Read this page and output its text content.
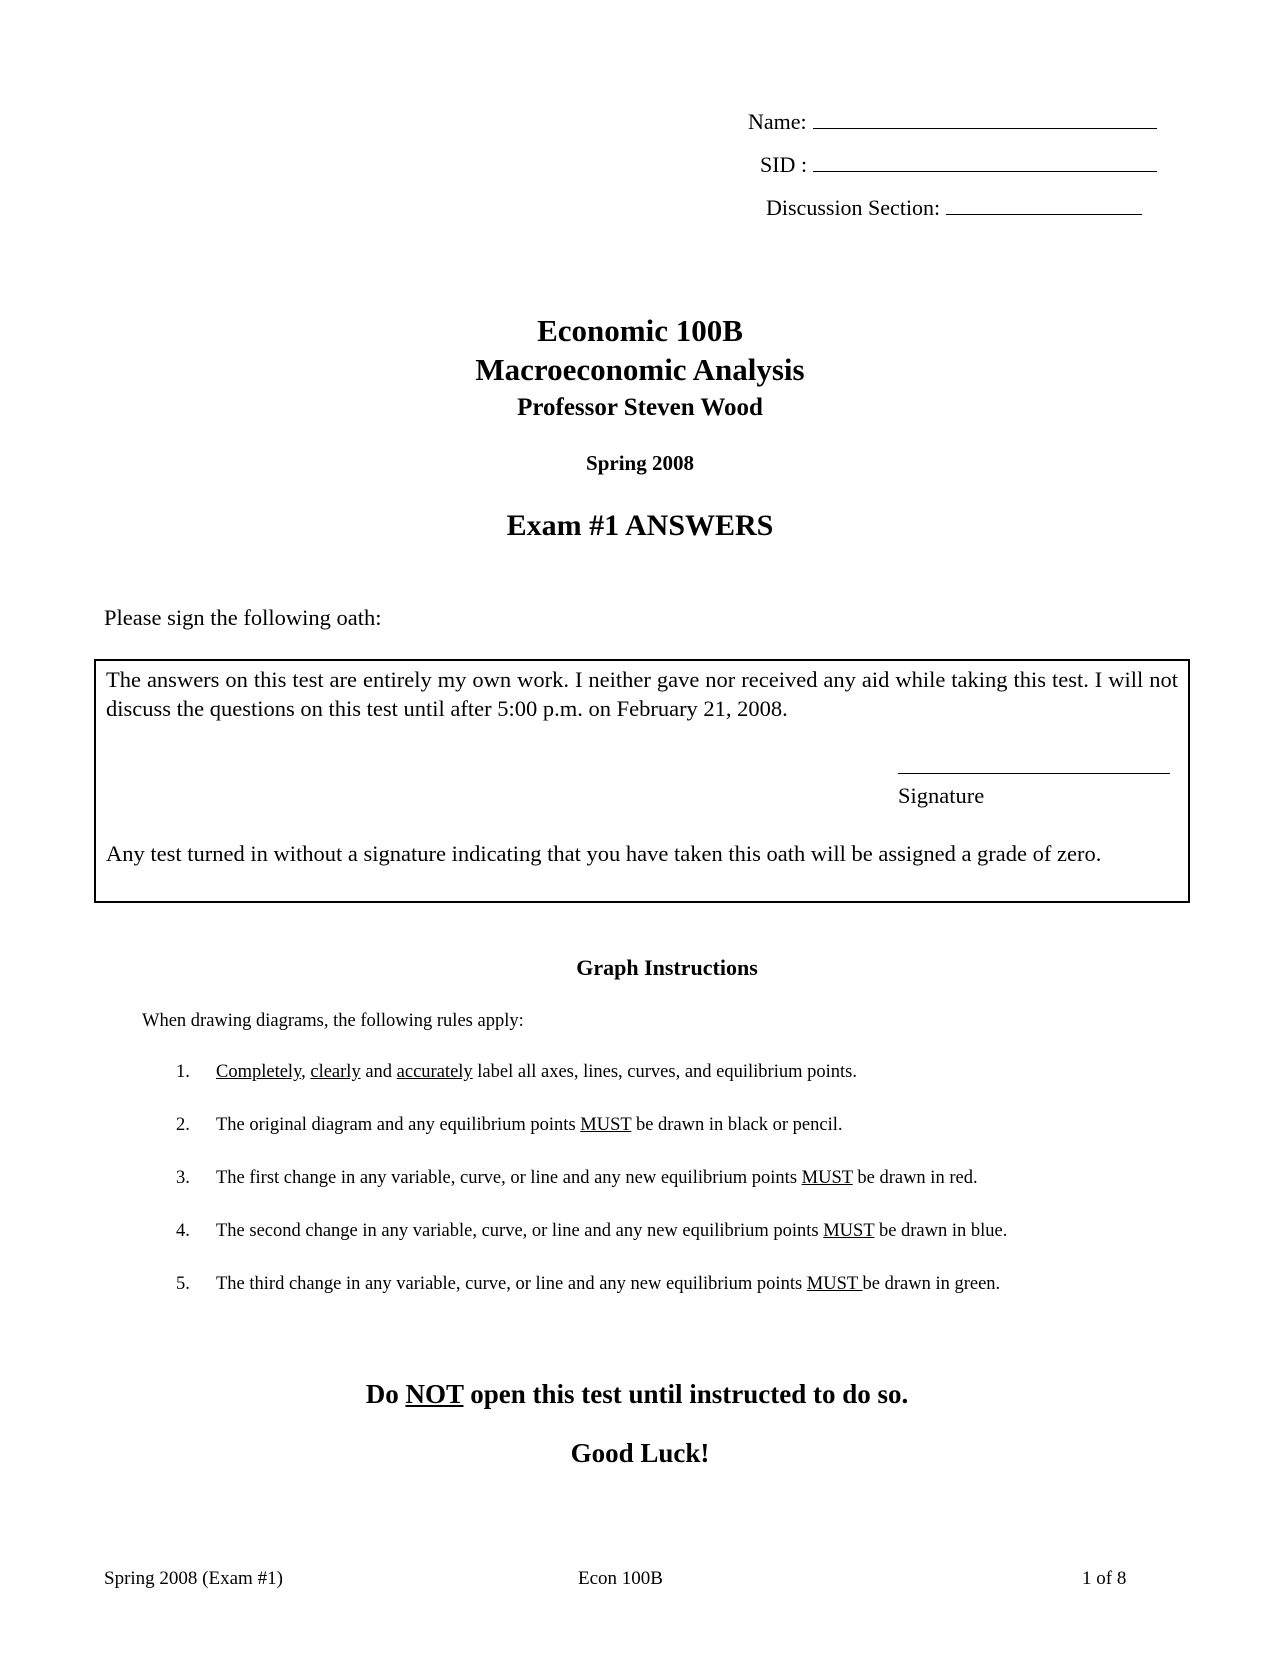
Name:
SID :
Discussion Section:
Economic 100B
Macroeconomic Analysis
Professor Steven Wood
Spring 2008
Exam #1 ANSWERS
Please sign the following oath:
The answers on this test are entirely my own work. I neither gave nor received any aid while taking this test. I will not discuss the questions on this test until after 5:00 p.m. on February 21, 2008.
Signature
Any test turned in without a signature indicating that you have taken this oath will be assigned a grade of zero.
Graph Instructions
When drawing diagrams, the following rules apply:
1. Completely, clearly and accurately label all axes, lines, curves, and equilibrium points.
2. The original diagram and any equilibrium points MUST be drawn in black or pencil.
3. The first change in any variable, curve, or line and any new equilibrium points MUST be drawn in red.
4. The second change in any variable, curve, or line and any new equilibrium points MUST be drawn in blue.
5. The third change in any variable, curve, or line and any new equilibrium points MUST be drawn in green.
Do NOT open this test until instructed to do so.
Good Luck!
Spring 2008 (Exam #1)	Econ 100B	1 of 8
